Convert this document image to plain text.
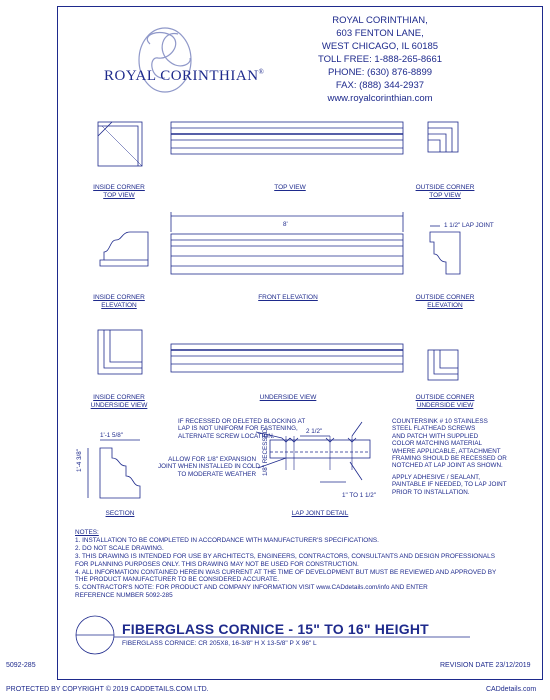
ROYAL CORINTHIAN®
ROYAL CORINTHIAN,
603 FENTON LANE,
WEST CHICAGO, IL 60185
TOLL FREE: 1-888-265-8661
PHONE: (630) 876-8899
FAX: (888) 344-2937
www.royalcorinthian.com
INSIDE CORNER
TOP VIEW
TOP VIEW	OUTSIDE CORNER
TOP VIEW
INSIDE CORNER
ELEVATION
FRONT ELEVATION	OUTSIDE CORNER
ELEVATION
INSIDE CORNER
UNDERSIDE VIEW
UNDERSIDE VIEW	OUTSIDE CORNER
UNDERSIDE VIEW
SECTION	LAP JOINT DETAIL
8'	1 1/2" LAP JOINT
1'-1 5/8"
1'-4 3/8"
2 1/2"
1/8" RECESSED
1" TO 1 1/2"
IF RECESSED OR DELETED BLOCKING AT
LAP IS NOT UNIFORM FOR FASTENING,
ALTERNATE SCREW LOCATION.
ALLOW FOR 1/8" EXPANSION
JOINT WHEN INSTALLED IN COLD
TO MODERATE WEATHER
COUNTERSINK # 10 STAINLESS
STEEL FLATHEAD SCREWS
AND PATCH WITH SUPPLIED
COLOR MATCHING MATERIAL
WHERE APPLICABLE, ATTACHMENT
FRAMING SHOULD BE RECESSED OR
NOTCHED AT LAP JOINT AS SHOWN.
APPLY ADHESIVE / SEALANT,
PAINTABLE IF NEEDED, TO LAP JOINT
PRIOR TO INSTALLATION.
NOTES:
1. INSTALLATION TO BE COMPLETED IN ACCORDANCE WITH MANUFACTURER'S SPECIFICATIONS.
2. DO NOT SCALE DRAWING.
3. THIS DRAWING IS INTENDED FOR USE BY ARCHITECTS, ENGINEERS, CONTRACTORS, CONSULTANTS AND DESIGN PROFESSIONALS
FOR PLANNING PURPOSES ONLY. THIS DRAWING MAY NOT BE USED FOR CONSTRUCTION.
4. ALL INFORMATION CONTAINED HEREIN WAS CURRENT AT THE TIME OF DEVELOPMENT BUT MUST BE REVIEWED AND APPROVED BY
THE PRODUCT MANUFACTURER TO BE CONSIDERED ACCURATE.
5. CONTRACTOR'S NOTE: FOR PRODUCT AND COMPANY INFORMATION VISIT www.CADdetails.com/info AND ENTER
REFERENCE NUMBER 5092-285
FIBERGLASS CORNICE - 15" TO 16" HEIGHT
FIBERGLASS CORNICE: CR 205X8, 16-3/8" H X 13-5/8" P X 96" L
5092-285	REVISION DATE 23/12/2019
PROTECTED BY COPYRIGHT © 2019 CADDETAILS.COM LTD.	CADdetails.com
